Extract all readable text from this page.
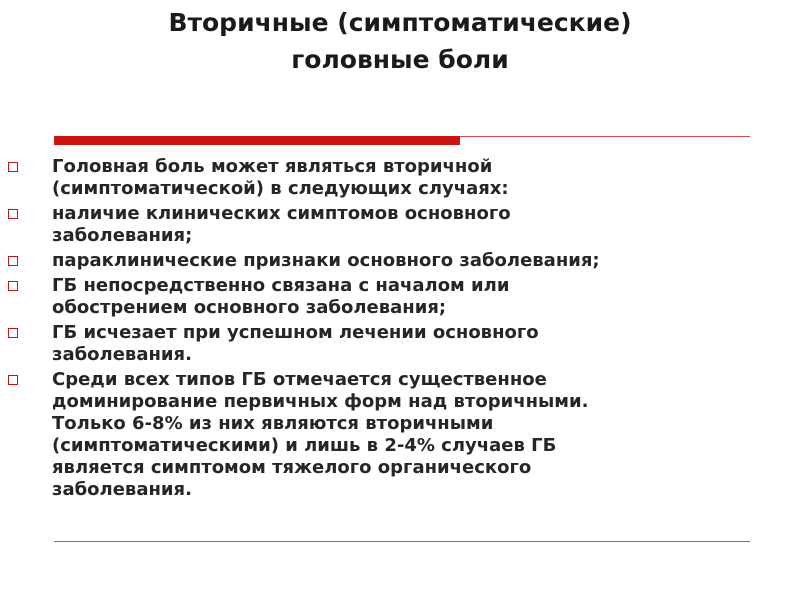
Вторичные (симптоматические)
головные боли
Головная боль может являться вторичной
(симптоматической) в следующих случаях:
наличие клинических симптомов основного
заболевания;
параклинические признаки основного заболевания;
ГБ непосредственно связана с началом или
обострением основного заболевания;
ГБ исчезает при успешном лечении основного
заболевания.
Среди всех типов ГБ отмечается существенное
доминирование первичных форм над вторичными.
Только 6-8% из них являются вторичными
(симптоматическими) и лишь в 2-4% случаев ГБ
является симптомом тяжелого органического
заболевания.
